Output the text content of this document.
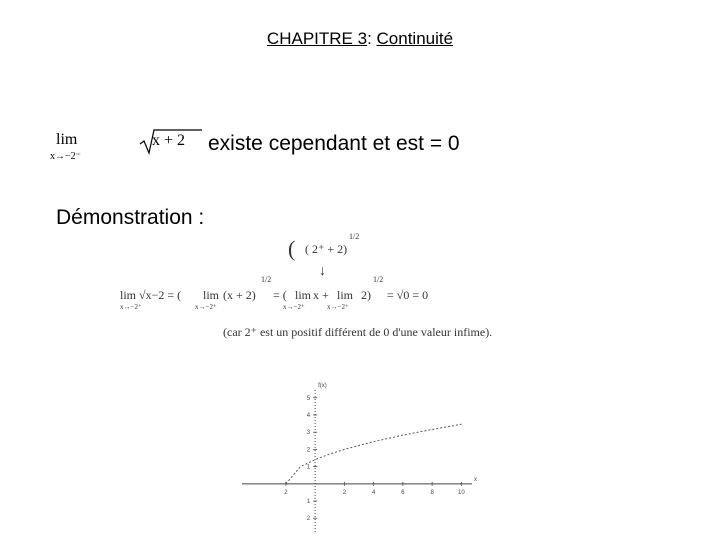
CHAPITRE 3: Continuité
lim
x→−2⁻
x + 2 existe cependant et est = 0
Démonstration :
( ( 2⁺ + 2)
1/2
↓
lim √x−2 = ( lim (x + 2)
1/2
= ( lim x + lim 2)
1/2
= √0 = 0
x→−2⁺	x→−2⁺	x→−2⁺	x→−2⁺
(car 2⁺ est un positif différent de 0 d'une valeur infime).
2	2	4	6	8	10
5
4
3
2
1
1
2
f(x)
x
